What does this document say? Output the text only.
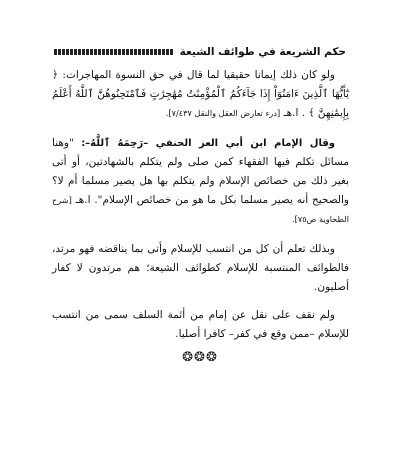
حكم الشريعة في طوائف الشيعة

ولو كان ذلك إيمانا حقيقيا لما قال في حق النسوة المهاجرات: ﴿ يَٰٓأَيُّهَا ٱلَّذِينَ ءَامَنُوٓاْ إِذَا جَآءَكُمُ ٱلْمُؤْمِنَٰتُ مُهَٰجِرَٰتٍ فَٱمْتَحِنُوهُنَّ ٱللَّهُ أَعْلَمُ بِإِيمَٰنِهِنَّ ﴾ . ا.هـ [درء تعارض العقل والنقل ٧/٤٣٧].

وقال الإمام ابن أبي العز الحنفي –رَحِمَهُ ٱللَّهُ–: "وهنا مسائل تكلم فيها الفقهاء كمن صلى ولم يتكلم بالشهادتين، أو أتى بغير ذلك من خصائص الإسلام ولم يتكلم بها هل يصير مسلما أم لا؟ والصحيح أنه يصير مسلما بكل ما هو من خصائص الإسلام". ا.هـ [شرح الطحاوية ص٧٥].

وبذلك تعلم أن كل من انتسب للإسلام وأتى بما يناقضه فهو مرتد، فالطوائف المنتسبة للإسلام كطوائف الشيعة؛ هم مرتدون لا كفار أصليون.

ولم نقف على نقل عن إمام من أئمة السلف سمى من انتسب للإسلام –ممن وقع في كفر– كافرا أصليا.

❂❂❂
